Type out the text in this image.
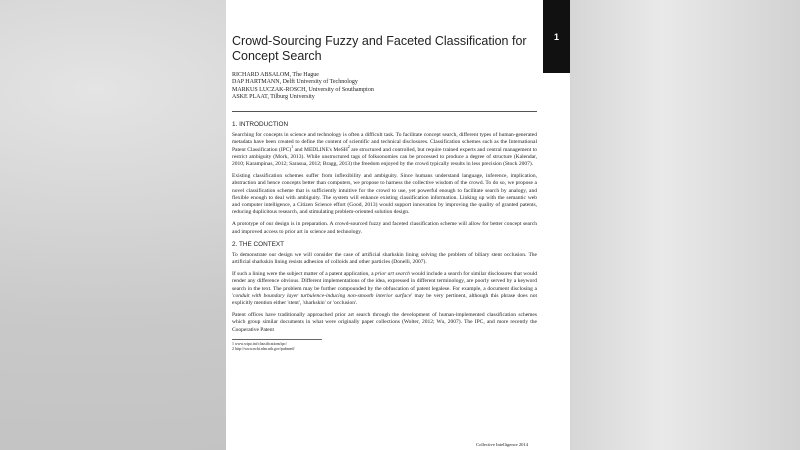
Crowd-Sourcing Fuzzy and Faceted Classification for Concept Search
RICHARD ABSALOM, The Hague
DAP HARTMANN, Delft University of Technology
MARKUS LUCZAK-ROSCH, University of Southampton
ASKE PLAAT, Tilburg University
1. INTRODUCTION

Searching for concepts in science and technology is often a difficult task. To facilitate concept search, different types of human-generated metadata have been created to define the content of scientific and technical disclosures. Classification schemes such as the International Patent Classification (IPC)$^1$ and MEDLINE's MeSH$^2$ are structured and controlled, but require trained experts and central management to restrict ambiguity (Mork, 2013). While unstructured tags of folksonomies can be processed to produce a degree of structure (Kalendar, 2010; Karampinas, 2012; Sarasua, 2012; Bragg, 2013) the freedom enjoyed by the crowd typically results in less precision (Stock 2007).

Existing classification schemes suffer from inflexibility and ambiguity. Since humans understand language, inference, implication, abstraction and hence concepts better than computers, we propose to harness the collective wisdom of the crowd. To do so, we propose a novel classification scheme that is sufficiently intuitive for the crowd to use, yet powerful enough to facilitate search by analogy, and flexible enough to deal with ambiguity. The system will enhance existing classification information. Linking up with the semantic web and computer intelligence, a Citizen Science effort (Good, 2013) would support innovation by improving the quality of granted patents, reducing duplicitous research, and stimulating problem-oriented solution design.

A prototype of our design is in preparation. A crowd-sourced fuzzy and faceted classification scheme will allow for better concept search and improved access to prior art in science and technology.

2. THE CONTEXT

To demonstrate our design we will consider the case of artificial sharkskin lining solving the problem of biliary stent occlusion. The artificial sharkskin lining resists adhesion of colloids and other particles (Donelli, 2007).

If such a lining were the subject matter of a patent application, a prior art search would include a search for similar disclosures that would render any difference obvious. Different implementations of the idea, expressed in different terminology, are poorly served by a keyword search in the text. The problem may be further compounded by the obfuscation of patent legalese. For example, a document disclosing a 'conduit with boundary layer turbulence-inducing non-smooth interior surface' may be very pertinent, although this phrase does not explicitly mention either 'stent', 'sharkskin' or 'occlusion'.

Patent offices have traditionally approached prior art search through the development of human-implemented classification schemes which group similar documents in what were originally paper collections (Wolter, 2012; Wu, 2007). The IPC, and more recently the Cooperative Patent

1 www.wipo.int/classifications/ipc/

2 http://www.ncbi.nlm.nih.gov/pubmed/

Collective Intelligence 2014
1
